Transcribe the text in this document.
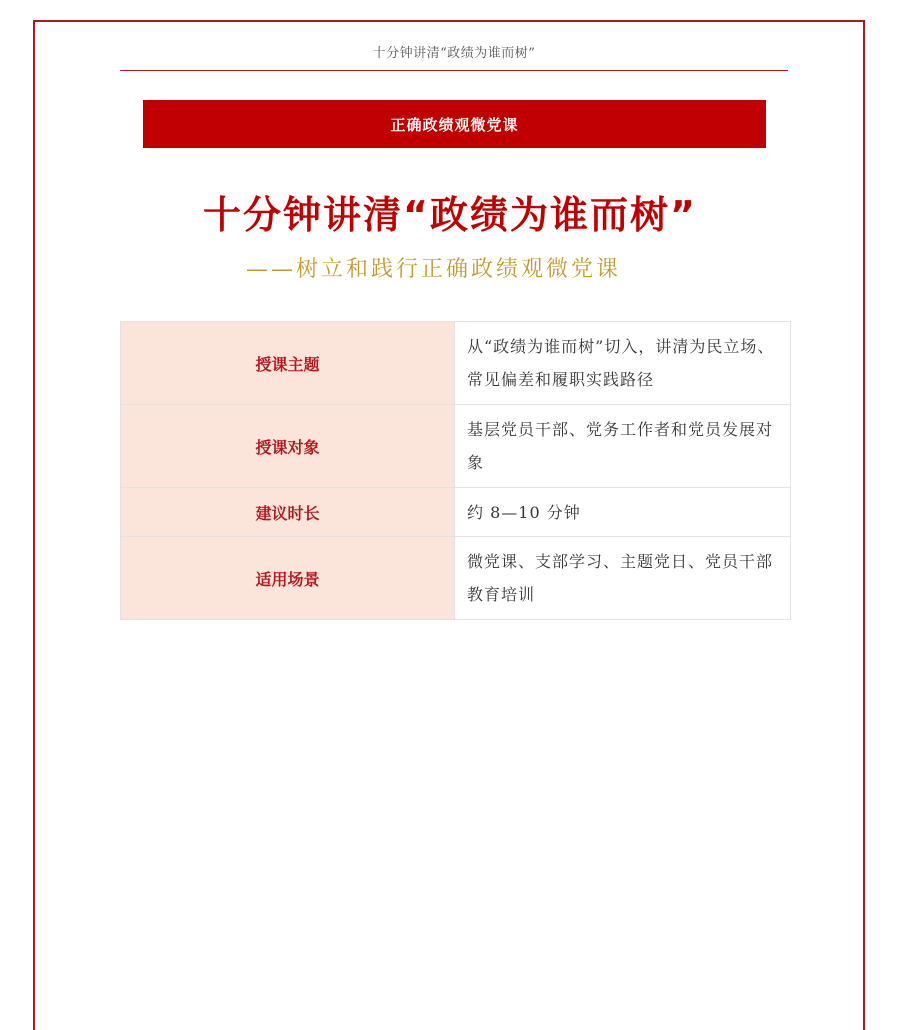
十分钟讲清“政绩为谁而树”
正确政绩观微党课
十分钟讲清“政绩为谁而树”
——树立和践行正确政绩观微党课
授课主题	从“政绩为谁而树”切入，讲清为民立场、常见偏差和履职实践路径
授课对象	基层党员干部、党务工作者和党员发展对象
建议时长	约 8—10 分钟
适用场景	微党课、支部学习、主题党日、党员干部教育培训
